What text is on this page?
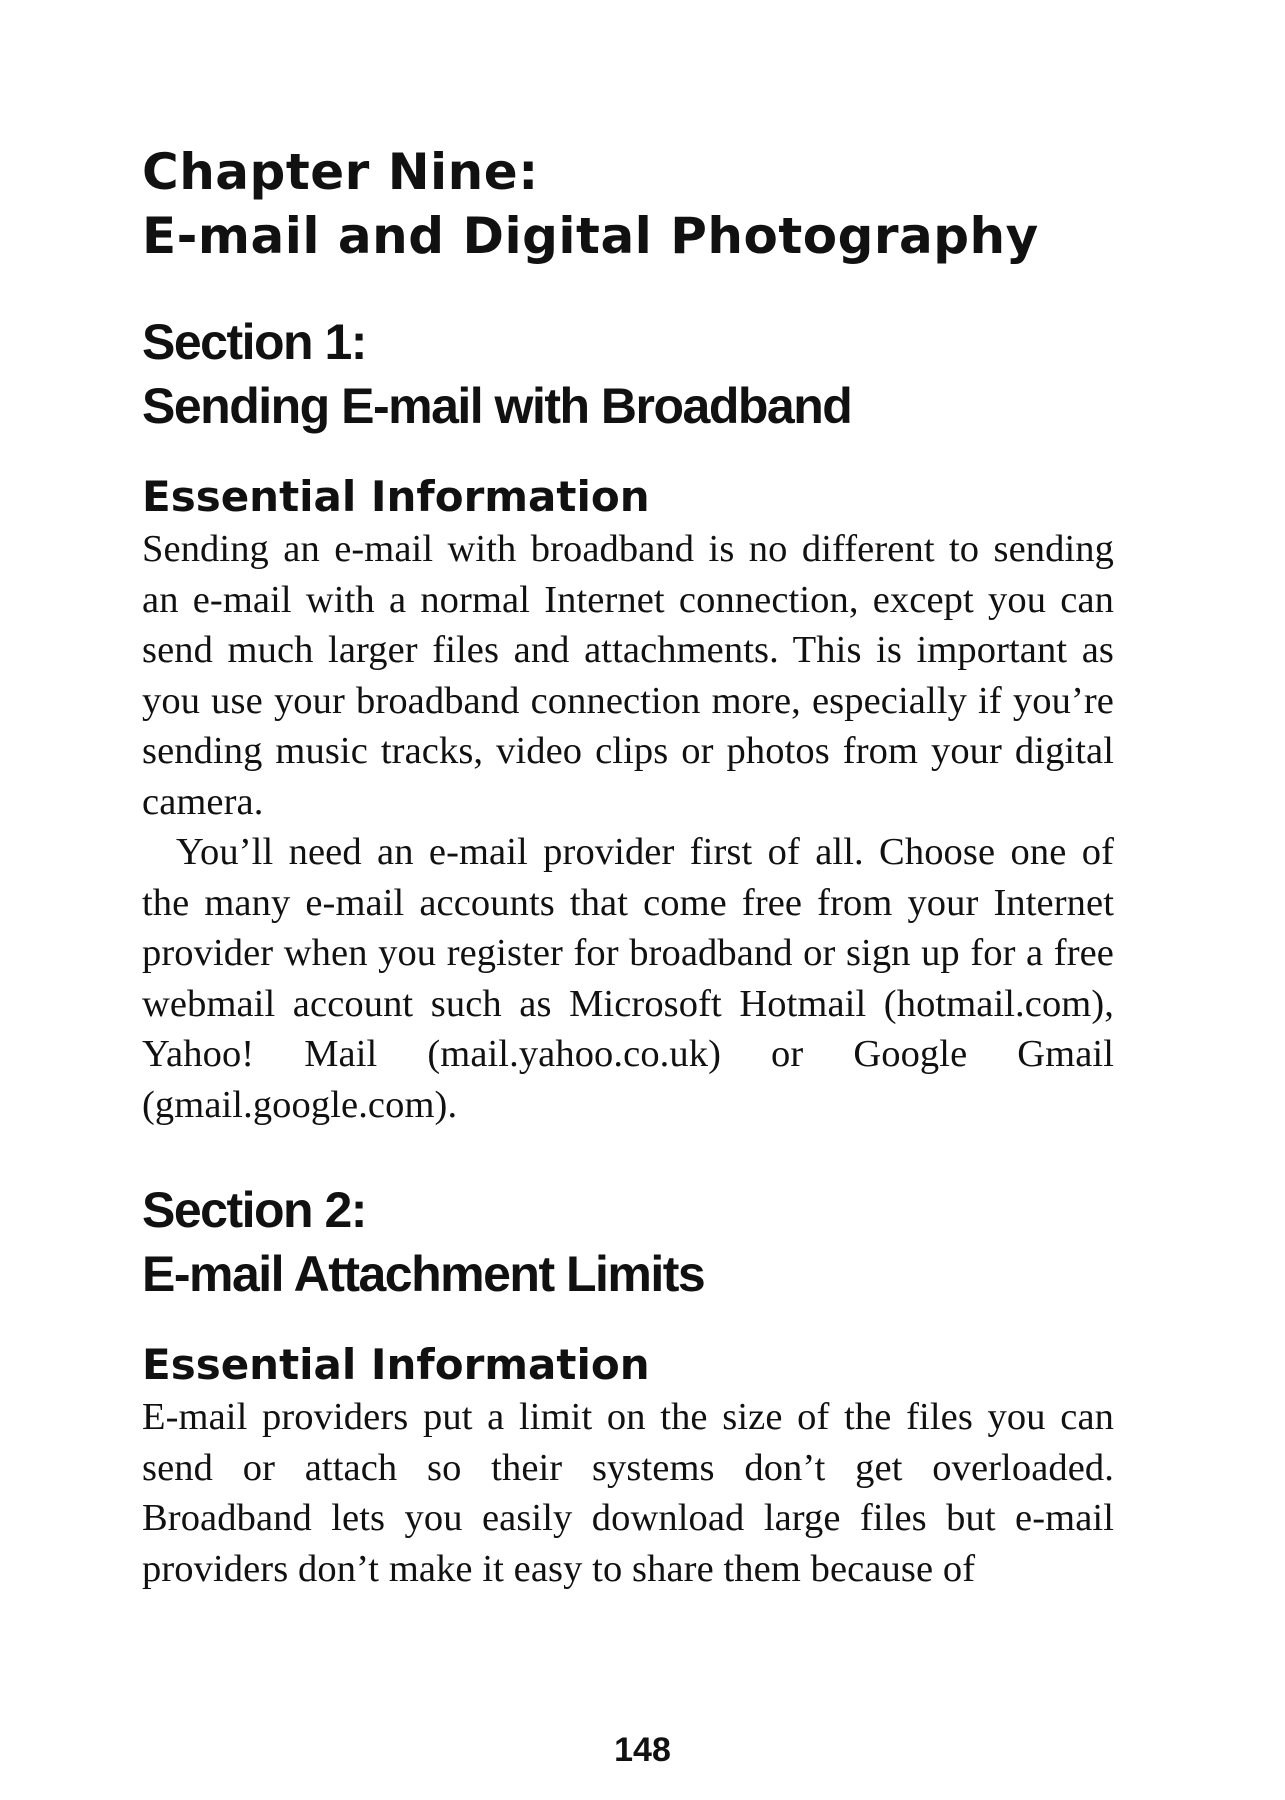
Chapter Nine:
E-mail and Digital Photography
Section 1:
Sending E-mail with Broadband
Essential Information

Sending an e-mail with broadband is no different to sending an e-mail with a normal Internet connection, except you can send much larger files and attachments. This is important as you use your broadband connection more, especially if you’re sending music tracks, video clips or photos from your digital camera.

You’ll need an e-mail provider first of all. Choose one of the many e-mail accounts that come free from your Internet provider when you register for broadband or sign up for a free webmail account such as Microsoft Hotmail (hotmail.com), Yahoo! Mail (mail.yahoo.co.uk) or Google Gmail (gmail.google.com).

Section 2:
E-mail Attachment Limits
Essential Information

E-mail providers put a limit on the size of the files you can send or attach so their systems don’t get overloaded. Broadband lets you easily download large files but e-mail providers don’t make it easy to share them because of

148
